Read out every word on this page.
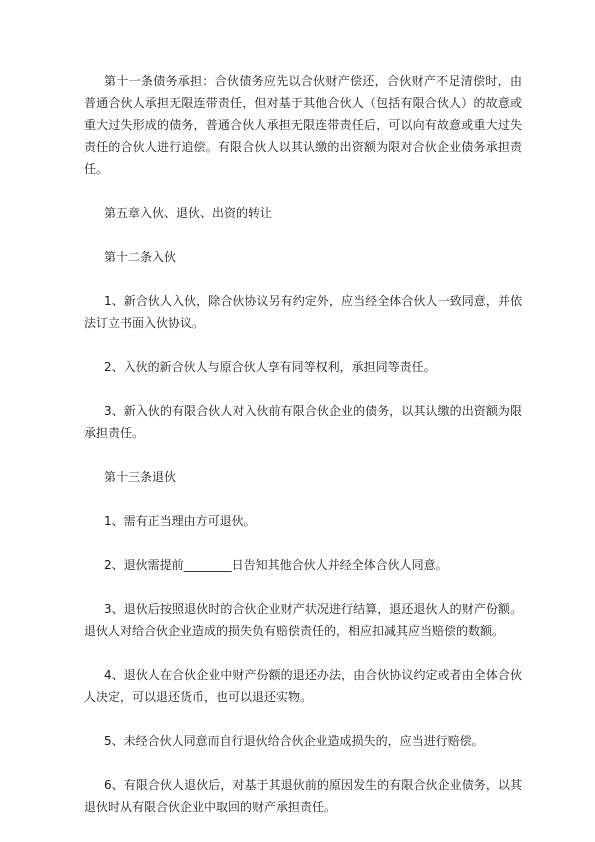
第十一条债务承担：合伙债务应先以合伙财产偿还，合伙财产不足清偿时，由普通合伙人承担无限连带责任，但对基于其他合伙人（包括有限合伙人）的故意或重大过失形成的债务，普通合伙人承担无限连带责任后，可以向有故意或重大过失责任的合伙人进行追偿。有限合伙人以其认缴的出资额为限对合伙企业债务承担责任。

第五章入伙、退伙、出资的转让

第十二条入伙

1、新合伙人入伙，除合伙协议另有约定外，应当经全体合伙人一致同意，并依法订立书面入伙协议。

2、入伙的新合伙人与原合伙人享有同等权利，承担同等责任。

3、新入伙的有限合伙人对入伙前有限合伙企业的债务，以其认缴的出资额为限承担责任。

第十三条退伙

1、需有正当理由方可退伙。

2、退伙需提前________日告知其他合伙人并经全体合伙人同意。

3、退伙后按照退伙时的合伙企业财产状况进行结算，退还退伙人的财产份额。退伙人对给合伙企业造成的损失负有赔偿责任的，相应扣减其应当赔偿的数额。

4、退伙人在合伙企业中财产份额的退还办法，由合伙协议约定或者由全体合伙人决定，可以退还货币，也可以退还实物。

5、未经合伙人同意而自行退伙给合伙企业造成损失的，应当进行赔偿。

6、有限合伙人退伙后，对基于其退伙前的原因发生的有限合伙企业债务，以其退伙时从有限合伙企业中取回的财产承担责任。
